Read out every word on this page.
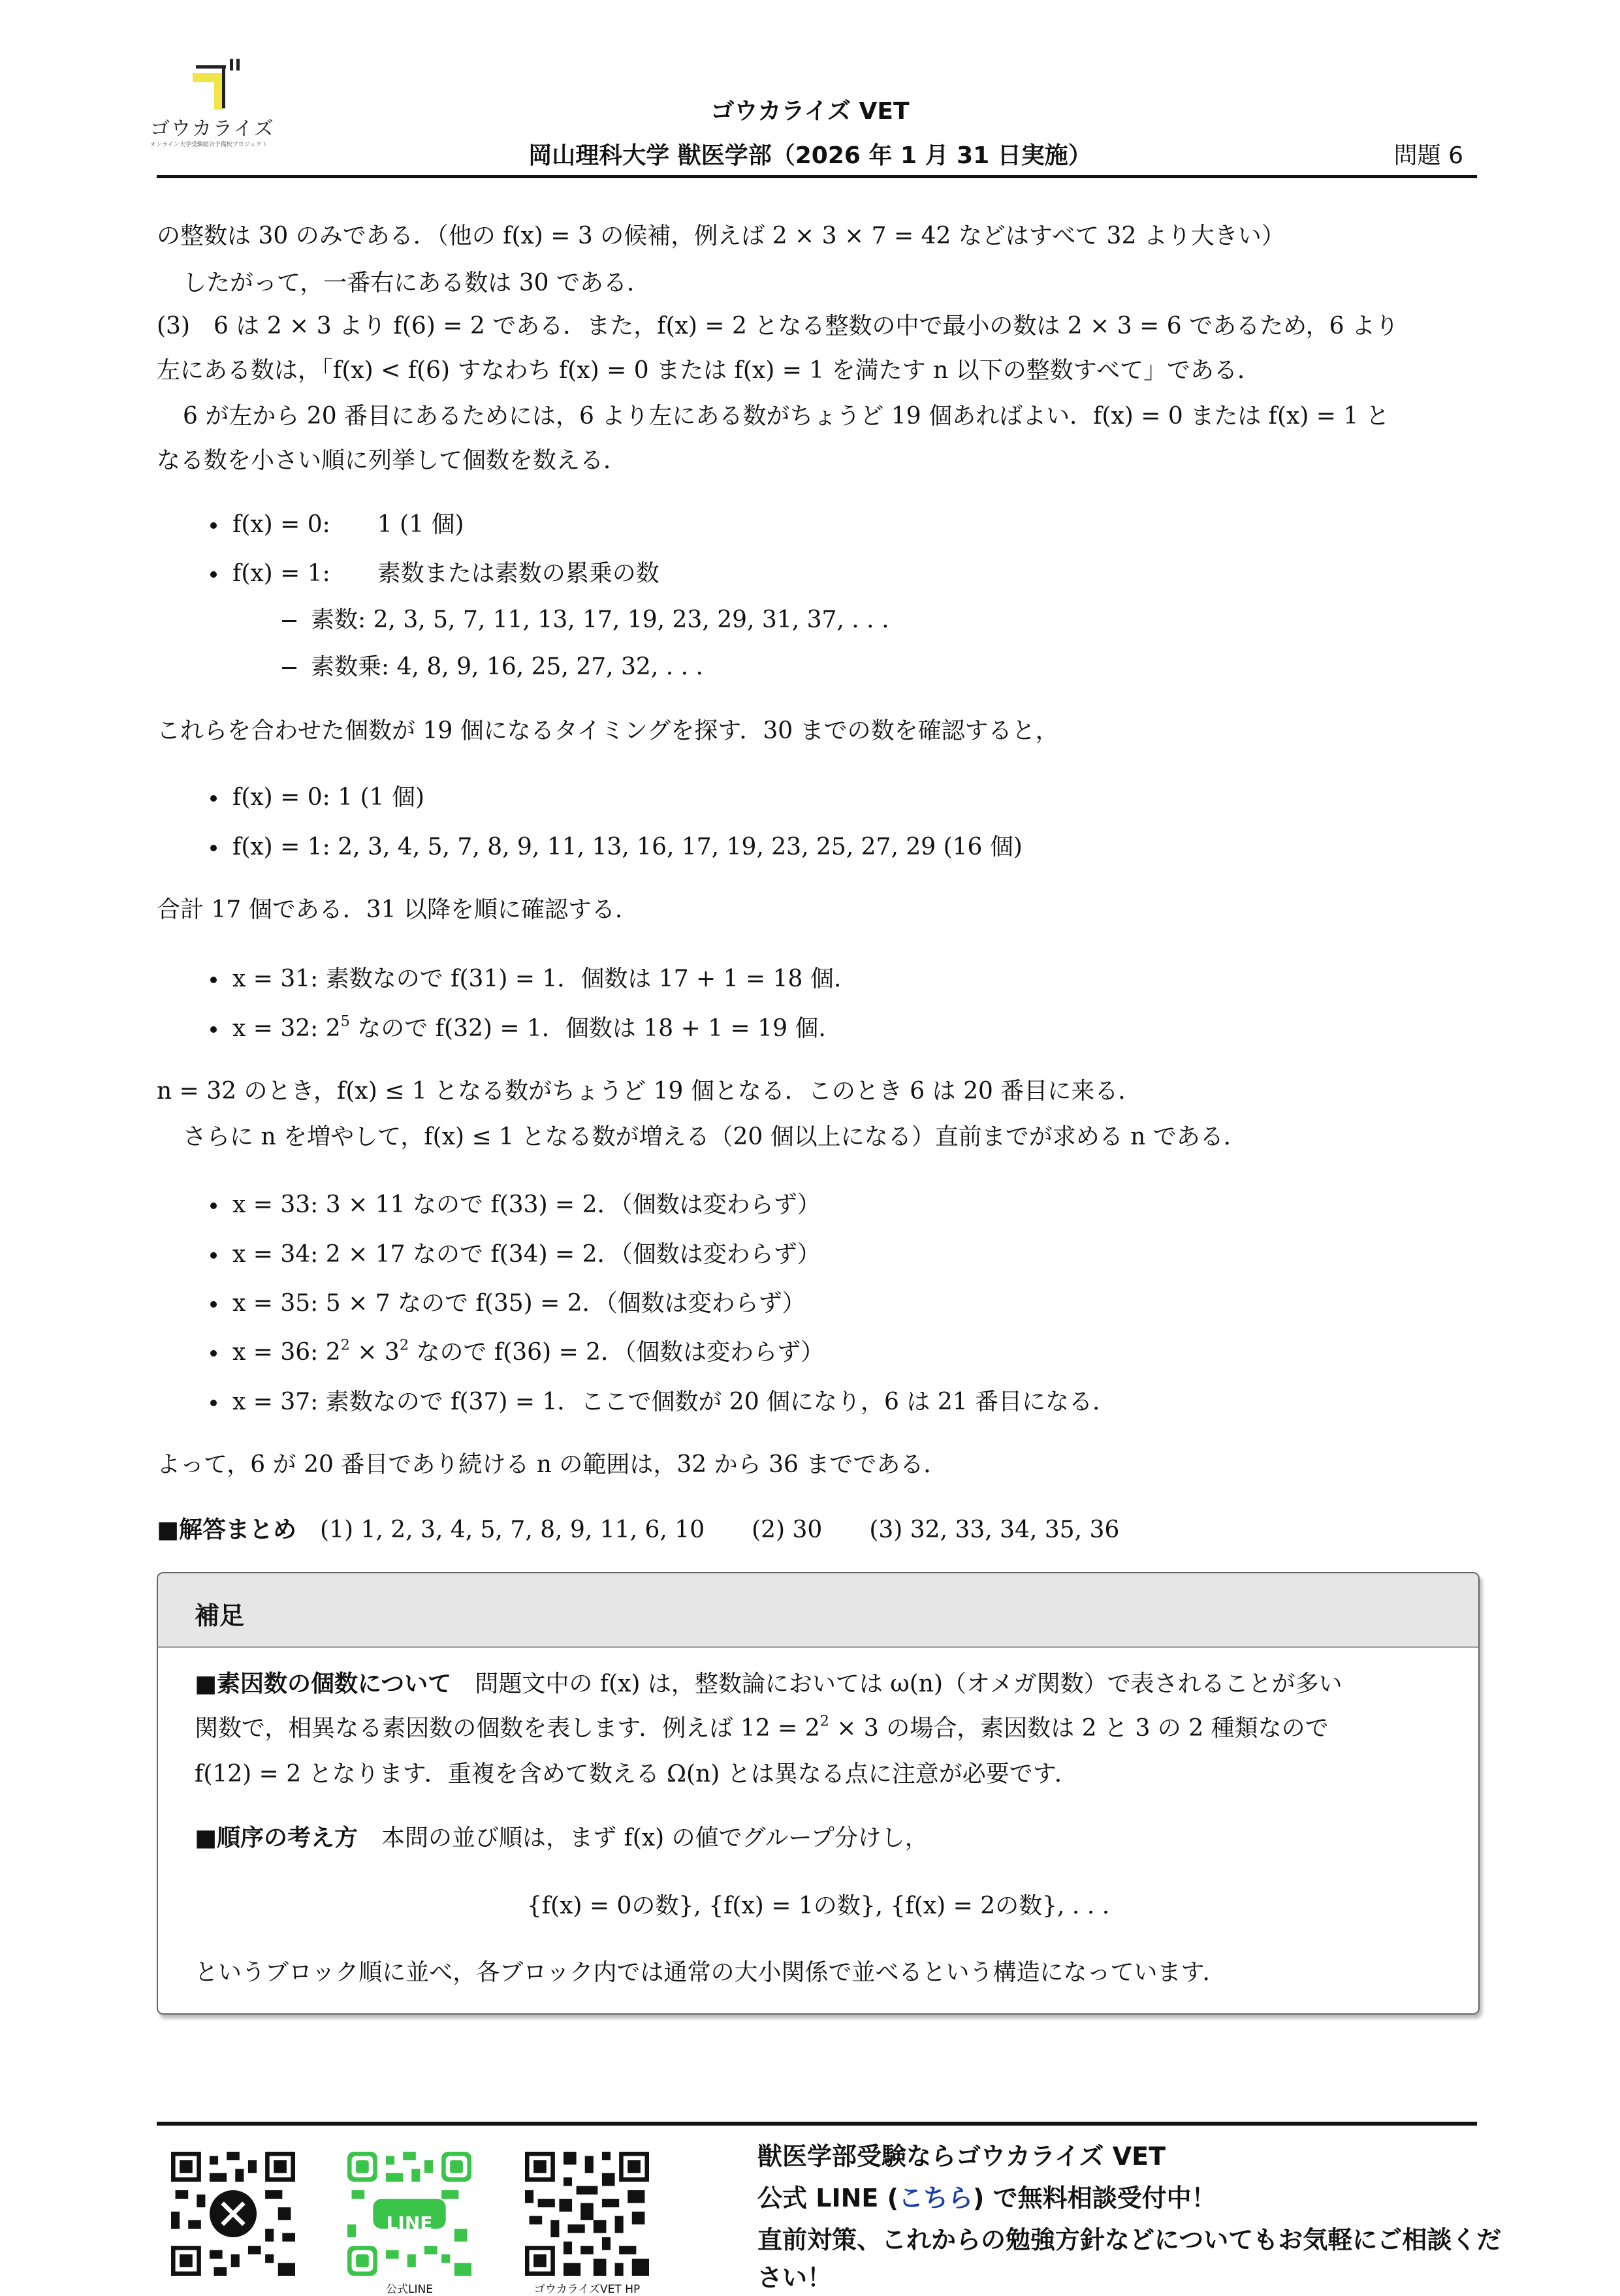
ゴウカライズ
オンライン大学受験総合予備校プロジェクト
ゴウカライズ VET
岡山理科大学 獣医学部（2026 年 1 月 31 日実施）	問題 6
の整数は 30 のみである．（他の f(x) = 3 の候補，例えば 2 × 3 × 7 = 42 などはすべて 32 より大きい）
したがって，一番右にある数は 30 である．
(3)　6 は 2 × 3 より f(6) = 2 である．また，f(x) = 2 となる整数の中で最小の数は 2 × 3 = 6 であるため，6 より
左にある数は，「f(x) < f(6) すなわち f(x) = 0 または f(x) = 1 を満たす n 以下の整数すべて」である．
6 が左から 20 番目にあるためには，6 より左にある数がちょうど 19 個あればよい．f(x) = 0 または f(x) = 1 と
なる数を小さい順に列挙して個数を数える．
f(x) = 0:　　1 (1 個)
f(x) = 1:　　素数または素数の累乗の数
素数: 2, 3, 5, 7, 11, 13, 17, 19, 23, 29, 31, 37, . . .
素数乗: 4, 8, 9, 16, 25, 27, 32, . . .
これらを合わせた個数が 19 個になるタイミングを探す．30 までの数を確認すると，
f(x) = 0: 1 (1 個)
f(x) = 1: 2, 3, 4, 5, 7, 8, 9, 11, 13, 16, 17, 19, 23, 25, 27, 29 (16 個)
合計 17 個である．31 以降を順に確認する．
x = 31: 素数なので f(31) = 1．個数は 17 + 1 = 18 個.
x = 32: $2^5$ なので f(32) = 1．個数は 18 + 1 = 19 個.
n = 32 のとき，f(x) ≤ 1 となる数がちょうど 19 個となる．このとき 6 は 20 番目に来る．
さらに n を増やして，f(x) ≤ 1 となる数が増える（20 個以上になる）直前までが求める n である．
x = 33: 3 × 11 なので f(33) = 2．（個数は変わらず）
x = 34: 2 × 17 なので f(34) = 2．（個数は変わらず）
x = 35: 5 × 7 なので f(35) = 2．（個数は変わらず）
x = 36: $2^2 \times 3^2$ なので f(36) = 2．（個数は変わらず）
x = 37: 素数なので f(37) = 1．ここで個数が 20 個になり，6 は 21 番目になる．
よって，6 が 20 番目であり続ける n の範囲は，32 から 36 までである．
■解答まとめ　 (1) 1, 2, 3, 4, 5, 7, 8, 9, 11, 6, 10　　(2) 30　　(3) 32, 33, 34, 35, 36
補足
■素因数の個数について　 問題文中の f(x) は，整数論においては ω(n)（オメガ関数）で表されることが多い
関数で，相異なる素因数の個数を表します．例えば $12 = 2^2 \times 3$ の場合，素因数は 2 と 3 の 2 種類なので
f(12) = 2 となります．重複を含めて数える Ω(n) とは異なる点に注意が必要です．
■順序の考え方　 本問の並び順は，まず f(x) の値でグループ分けし，
{f(x) = 0の数}, {f(x) = 1の数}, {f(x) = 2の数}, . . .
というブロック順に並べ，各ブロック内では通常の大小関係で並べるという構造になっています．
LINE
公式LINE	ゴウカライズVET HP
獣医学部受験ならゴウカライズ VET
公式 LINE (こちら) で無料相談受付中！
直前対策、これからの勉強方針などについてもお気軽にご相談くだ
さい！
